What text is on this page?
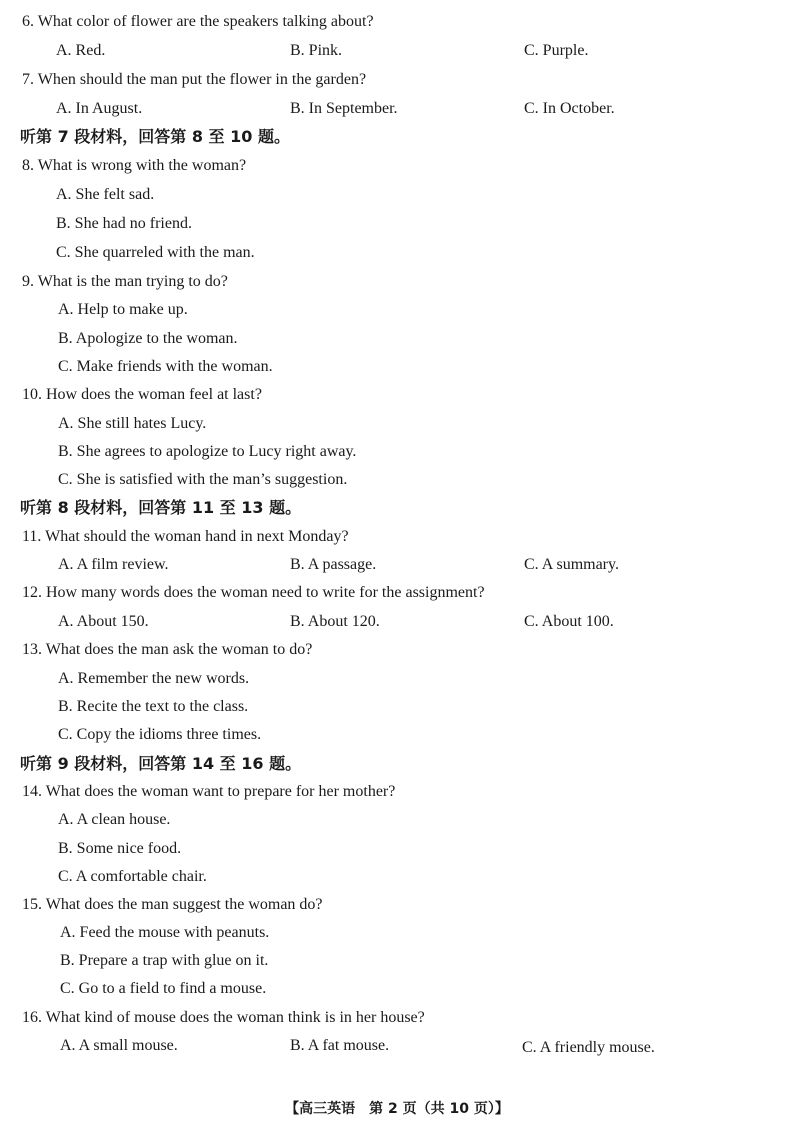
6. What color of flower are the speakers talking about?
A. Red.	B. Pink.	C. Purple.
7. When should the man put the flower in the garden?
A. In August.	B. In September.	C. In October.
听第 7 段材料，回答第 8 至 10 题。
8. What is wrong with the woman?
A. She felt sad.
B. She had no friend.
C. She quarreled with the man.
9. What is the man trying to do?
A. Help to make up.
B. Apologize to the woman.
C. Make friends with the woman.
10. How does the woman feel at last?
A. She still hates Lucy.
B. She agrees to apologize to Lucy right away.
C. She is satisfied with the man’s suggestion.
听第 8 段材料，回答第 11 至 13 题。
11. What should the woman hand in next Monday?
A. A film review.	B. A passage.	C. A summary.
12. How many words does the woman need to write for the assignment?
A. About 150.	B. About 120.	C. About 100.
13. What does the man ask the woman to do?
A. Remember the new words.
B. Recite the text to the class.
C. Copy the idioms three times.
听第 9 段材料，回答第 14 至 16 题。
14. What does the woman want to prepare for her mother?
A. A clean house.
B. Some nice food.
C. A comfortable chair.
15. What does the man suggest the woman do?
A. Feed the mouse with peanuts.
B. Prepare a trap with glue on it.
C. Go to a field to find a mouse.
16. What kind of mouse does the woman think is in her house?
A. A small mouse.	B. A fat mouse.	C. A friendly mouse.
【高三英语　第 2 页（共 10 页）】
